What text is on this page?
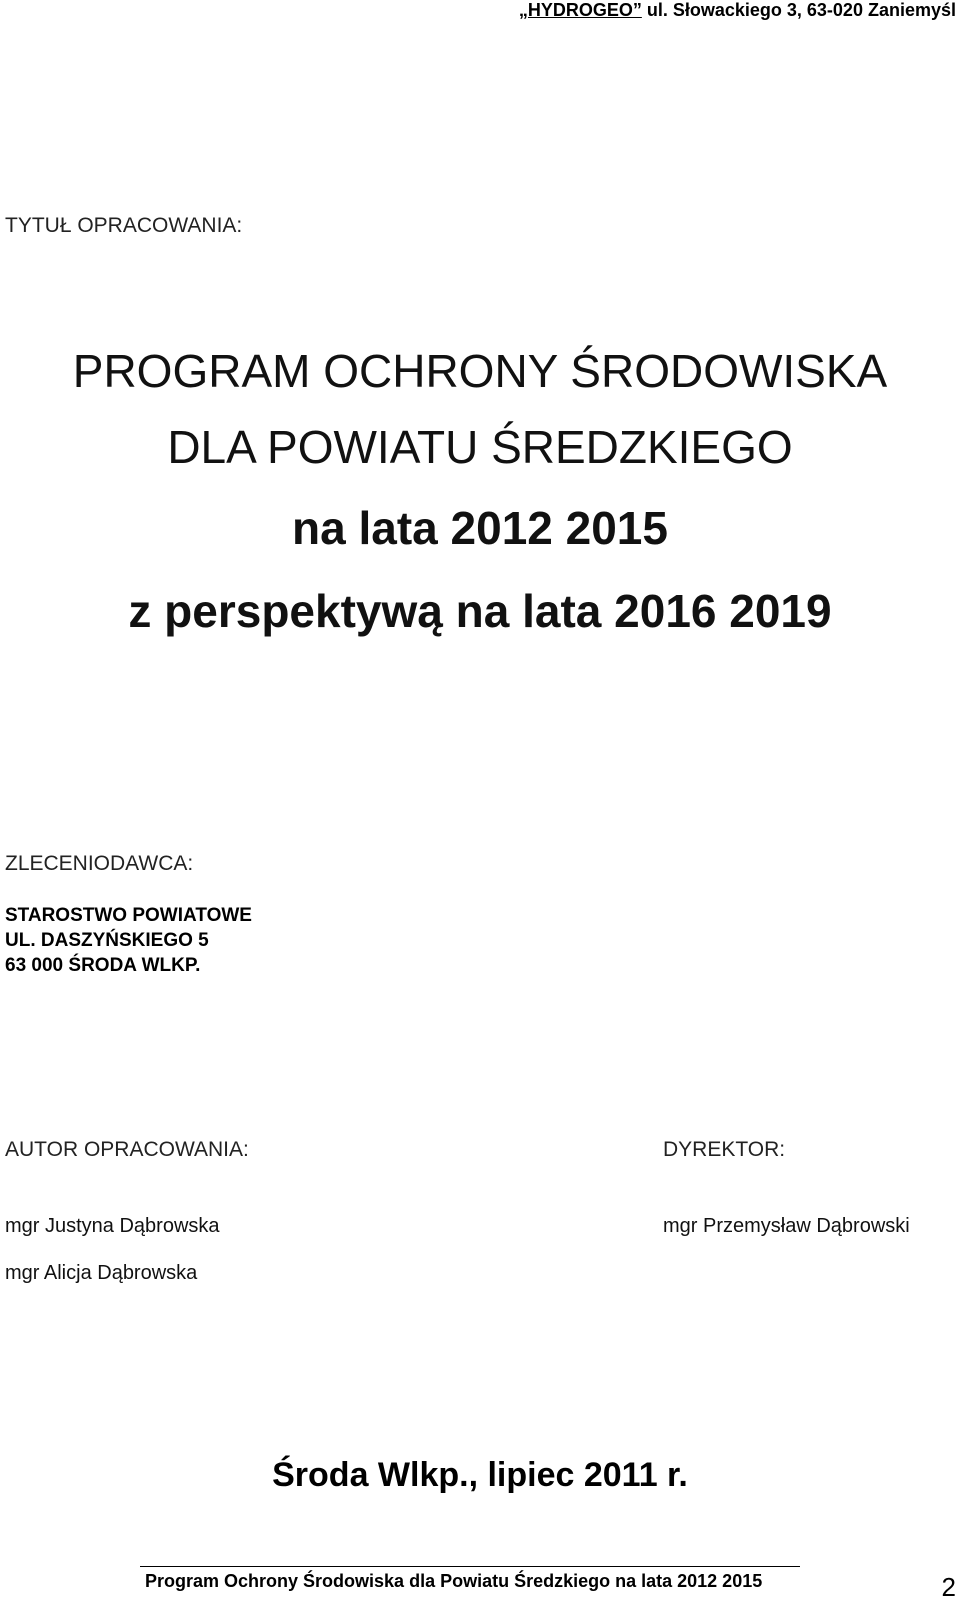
„HYDROGEO” ul. Słowackiego 3, 63-020 Zaniemyśl
TYTUŁ OPRACOWANIA:
PROGRAM OCHRONY ŚRODOWISKA
DLA POWIATU ŚREDZKIEGO
na lata 2012 2015
z perspektywą na lata 2016 2019
ZLECENIODAWCA:
STAROSTWO POWIATOWE
UL. DASZYŃSKIEGO 5
63 000 ŚRODA WLKP.
AUTOR OPRACOWANIA:
mgr Justyna Dąbrowska
mgr Alicja Dąbrowska
DYREKTOR:
mgr Przemysław Dąbrowski
Środa Wlkp., lipiec 2011 r.
Program Ochrony Środowiska dla Powiatu Średzkiego na lata 2012 2015	2
